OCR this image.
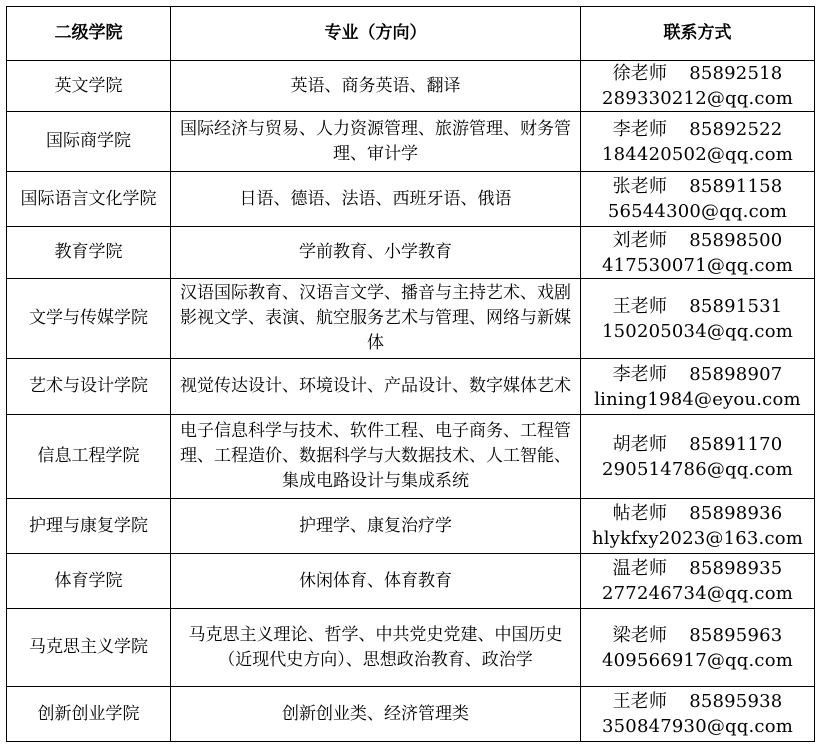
二级学院	专业（方向）	联系方式
英文学院	英语、商务英语、翻译	徐老师 85892518
289330212@qq.com
国际商学院	国际经济与贸易、人力资源管理、旅游管理、财务管理、审计学	李老师 85892522
184420502@qq.com
国际语言文化学院	日语、德语、法语、西班牙语、俄语	张老师 85891158
56544300@qq.com
教育学院	学前教育、小学教育	刘老师 85898500
417530071@qq.com
文学与传媒学院	汉语国际教育、汉语言文学、播音与主持艺术、戏剧影视文学、表演、航空服务艺术与管理、网络与新媒体	王老师 85891531
150205034@qq.com
艺术与设计学院	视觉传达设计、环境设计、产品设计、数字媒体艺术	李老师 85898907
lining1984@eyou.com
信息工程学院	电子信息科学与技术、软件工程、电子商务、工程管理、工程造价、数据科学与大数据技术、人工智能、集成电路设计与集成系统	胡老师 85891170
290514786@qq.com
护理与康复学院	护理学、康复治疗学	帖老师 85898936
hlykfxy2023@163.com
体育学院	休闲体育、体育教育	温老师 85898935
277246734@qq.com
马克思主义学院	马克思主义理论、哲学、中共党史党建、中国历史（近现代史方向）、思想政治教育、政治学	梁老师 85895963
409566917@qq.com
创新创业学院	创新创业类、经济管理类	王老师 85895938
350847930@qq.com
